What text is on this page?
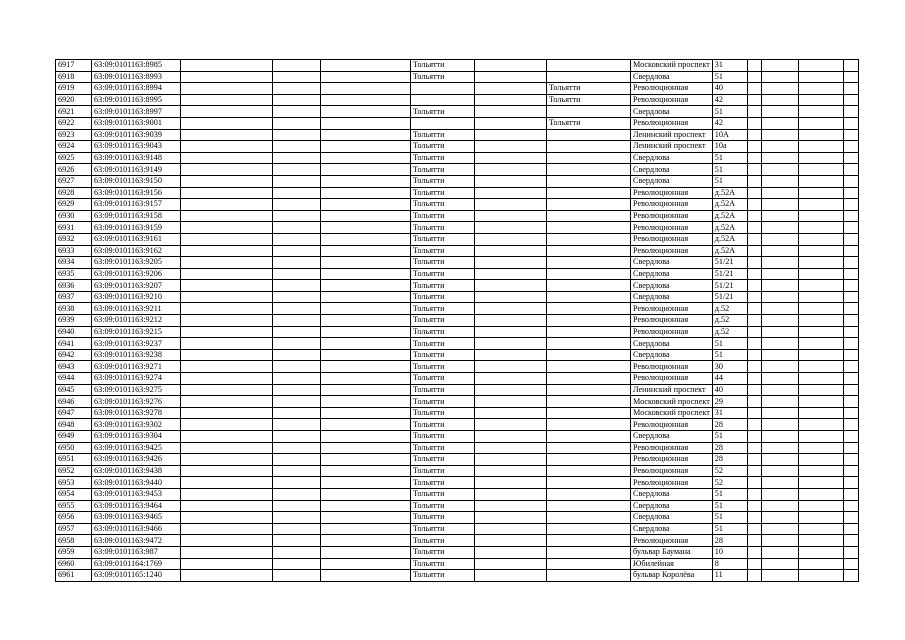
6917	63:09:0101163:8985				Тольятти			Московский проспект	31				
6918	63:09:0101163:8993				Тольятти			Свердлова	51				
6919	63:09:0101163:8994						Тольятти	Революционная	40				
6920	63:09:0101163:8995						Тольятти	Революционная	42				
6921	63:09:0101163:8997				Тольятти			Свердлова	51				
6922	63:09:0101163:9001						Тольятти	Революционная	42				
6923	63:09:0101163:9039				Тольятти			Ленинский проспект	10А				
6924	63:09:0101163:9043				Тольятти			Ленинский проспект	10а				
6925	63:09:0101163:9148				Тольятти			Свердлова	51				
6926	63:09:0101163:9149				Тольятти			Свердлова	51				
6927	63:09:0101163:9150				Тольятти			Свердлова	51				
6928	63:09:0101163:9156				Тольятти			Революционная	д.52А				
6929	63:09:0101163:9157				Тольятти			Революционная	д.52А				
6930	63:09:0101163:9158				Тольятти			Революционная	д.52А				
6931	63:09:0101163:9159				Тольятти			Революционная	д.52А				
6932	63:09:0101163:9161				Тольятти			Революционная	д.52А				
6933	63:09:0101163:9162				Тольятти			Революционная	д.52А				
6934	63:09:0101163:9205				Тольятти			Свердлова	51/21				
6935	63:09:0101163:9206				Тольятти			Свердлова	51/21				
6936	63:09:0101163:9207				Тольятти			Свердлова	51/21				
6937	63:09:0101163:9210				Тольятти			Свердлова	51/21				
6938	63:09:0101163:9211				Тольятти			Революционная	д.52				
6939	63:09:0101163:9212				Тольятти			Революционная	д.52				
6940	63:09:0101163:9215				Тольятти			Революционная	д.52				
6941	63:09:0101163:9237				Тольятти			Свердлова	51				
6942	63:09:0101163:9238				Тольятти			Свердлова	51				
6943	63:09:0101163:9271				Тольятти			Революционная	30				
6944	63:09:0101163:9274				Тольятти			Революционная	44				
6945	63:09:0101163:9275				Тольятти			Ленинский проспект	40				
6946	63:09:0101163:9276				Тольятти			Московский проспект	29				
6947	63:09:0101163:9278				Тольятти			Московский проспект	31				
6948	63:09:0101163:9302				Тольятти			Революционная	28				
6949	63:09:0101163:9304				Тольятти			Свердлова	51				
6950	63:09:0101163:9425				Тольятти			Революционная	28				
6951	63:09:0101163:9426				Тольятти			Революционная	28				
6952	63:09:0101163:9438				Тольятти			Революционная	52				
6953	63:09:0101163:9440				Тольятти			Революционная	52				
6954	63:09:0101163:9453				Тольятти			Свердлова	51				
6955	63:09:0101163:9464				Тольятти			Свердлова	51				
6956	63:09:0101163:9465				Тольятти			Свердлова	51				
6957	63:09:0101163:9466				Тольятти			Свердлова	51				
6958	63:09:0101163:9472				Тольятти			Революционная	28				
6959	63:09:0101163:987				Тольятти			бульвар Баумана	10				
6960	63:09:0101164:1769				Тольятти			Юбилейная	8				
6961	63:09:0101165:1240				Тольятти			бульвар Королёва	11				
